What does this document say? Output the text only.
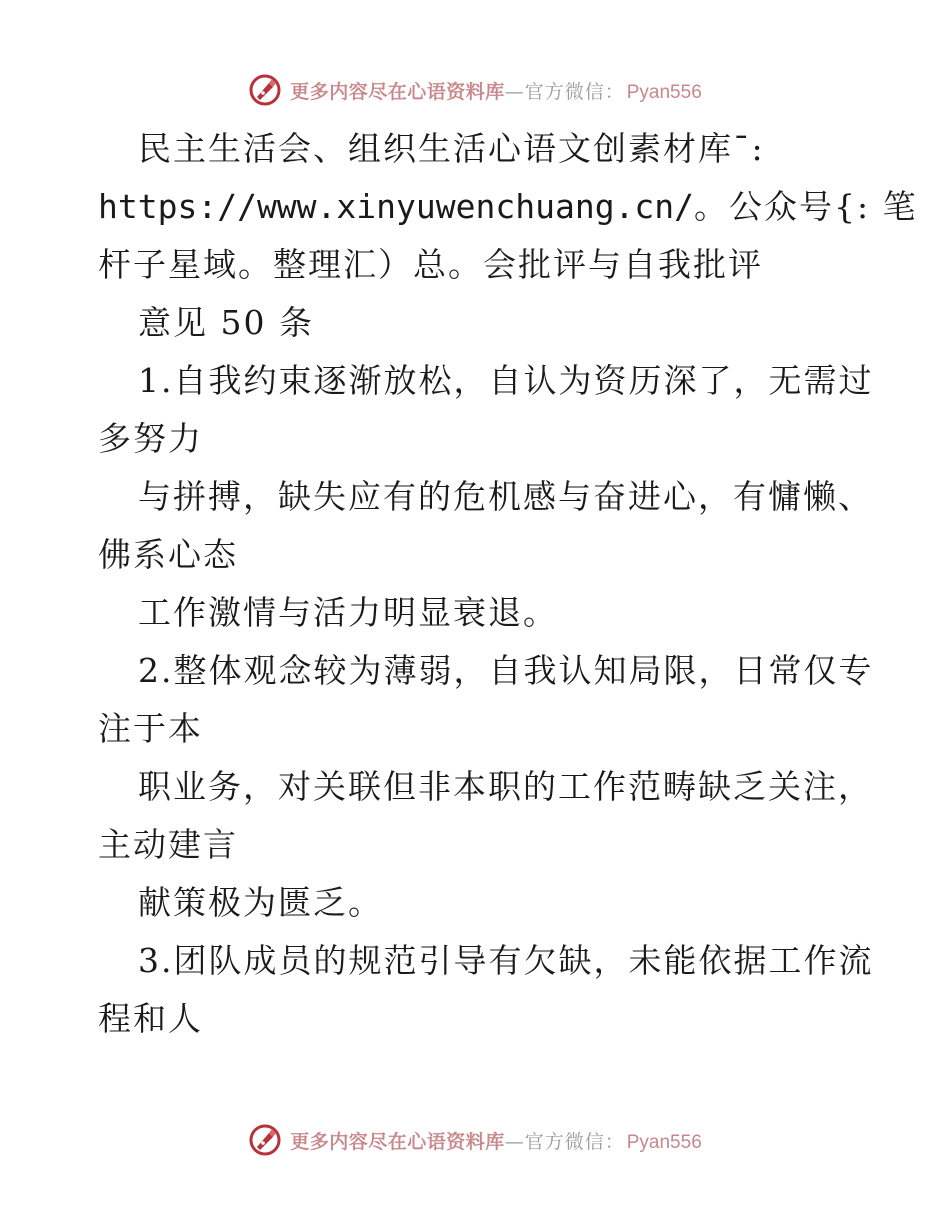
更多内容尽在心语资料库 —官方微信： Pyan556
民主生活会、组织生活心语文创素材库¯:
https://www.xinyuwenchuang.cn/。公众号{: 笔
杆子星域。整理汇）总。会批评与自我批评
意见 50 条
1.自我约束逐渐放松，自认为资历深了，无需过
多努力
与拼搏，缺失应有的危机感与奋进心，有慵懒、
佛系心态
工作激情与活力明显衰退。
2.整体观念较为薄弱，自我认知局限，日常仅专
注于本
职业务，对关联但非本职的工作范畴缺乏关注，
主动建言
献策极为匮乏。
3.团队成员的规范引导有欠缺，未能依据工作流
程和人
更多内容尽在心语资料库 —官方微信： Pyan556
